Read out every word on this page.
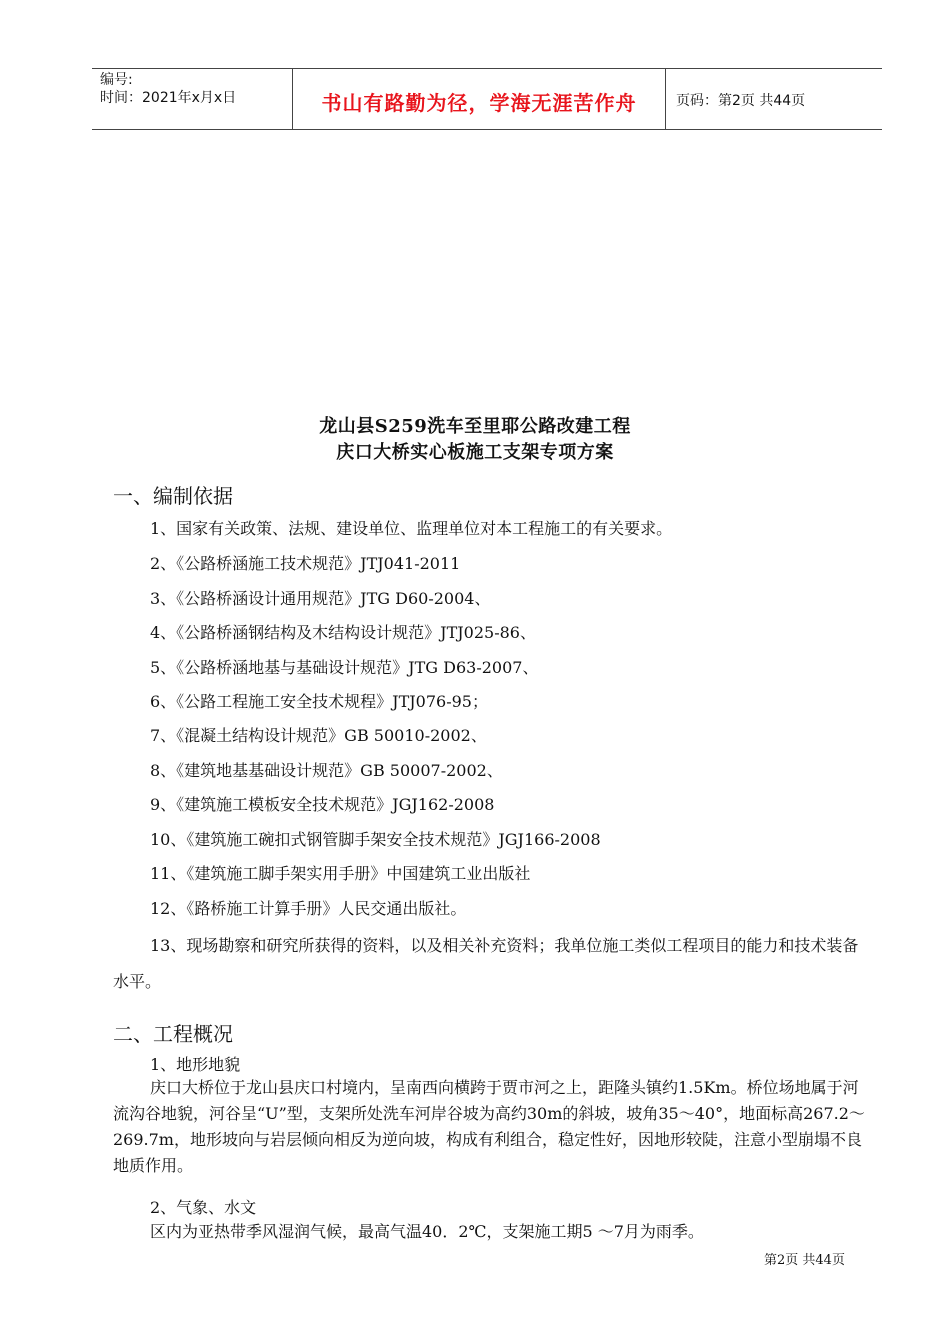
编号:
时间：2021年x月x日	书山有路勤为径，学海无涯苦作舟	页码：第2页 共44页
龙山县S259洗车至里耶公路改建工程
庆口大桥实心板施工支架专项方案
一、编制依据
1、国家有关政策、法规、建设单位、监理单位对本工程施工的有关要求。
2、《公路桥涵施工技术规范》JTJ041-2011
3、《公路桥涵设计通用规范》JTG D60-2004、
4、《公路桥涵钢结构及木结构设计规范》JTJ025-86、
5、《公路桥涵地基与基础设计规范》JTG D63-2007、
6、《公路工程施工安全技术规程》JTJ076-95；
7、《混凝土结构设计规范》GB 50010-2002、
8、《建筑地基基础设计规范》GB 50007-2002、
9、《建筑施工模板安全技术规范》JGJ162-2008
10、《建筑施工碗扣式钢管脚手架安全技术规范》JGJ166-2008
11、《建筑施工脚手架实用手册》中国建筑工业出版社
12、《路桥施工计算手册》人民交通出版社。
13、现场勘察和研究所获得的资料，以及相关补充资料；我单位施工类似工程项目的能力和技术装备水平。
二、工程概况
1、地形地貌
庆口大桥位于龙山县庆口村境内，呈南西向横跨于贾市河之上，距隆头镇约1.5Km。桥位场地属于河流沟谷地貌，河谷呈“U”型，支架所处洗车河岸谷坡为高约30m的斜坡，坡角35～40°，地面标高267.2～269.7m，地形坡向与岩层倾向相反为逆向坡，构成有利组合，稳定性好，因地形较陡，注意小型崩塌不良地质作用。
2、气象、水文
区内为亚热带季风湿润气候，最高气温40．2℃，支架施工期5 ～7月为雨季。
第2页 共44页
